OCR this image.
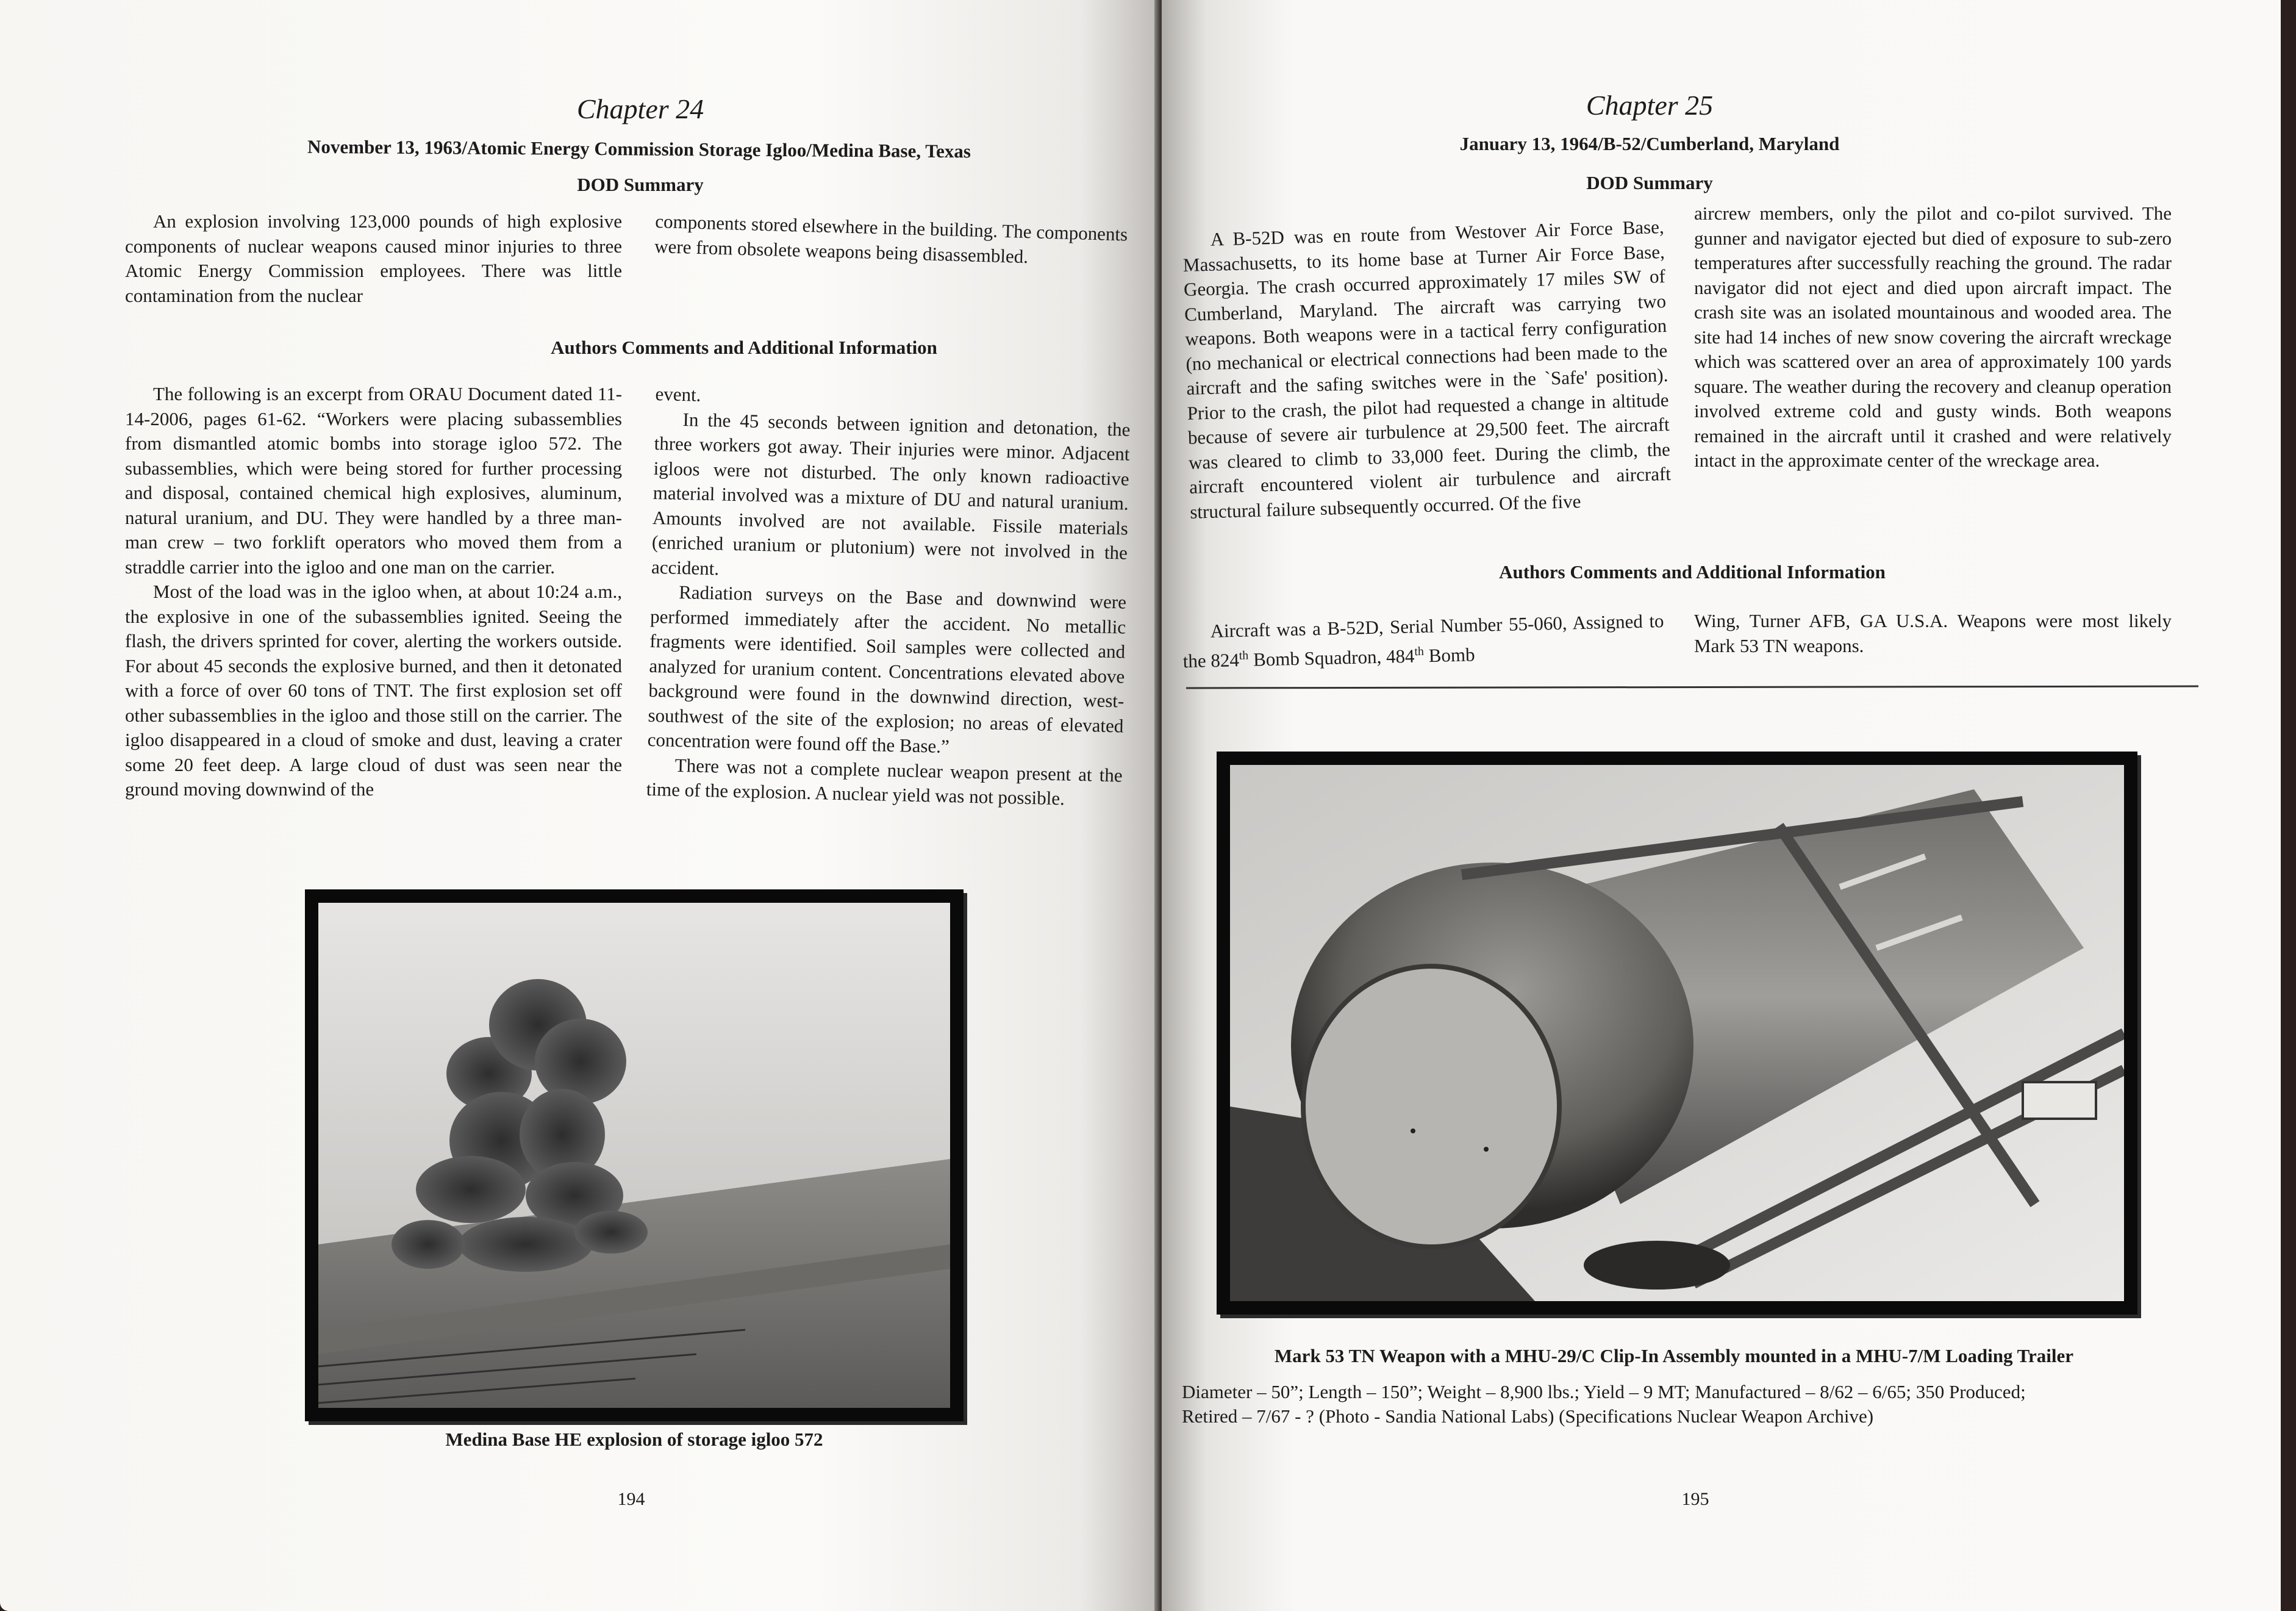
Chapter 24
November 13, 1963/Atomic Energy Commission Storage Igloo/Medina Base, Texas
DOD Summary
An explosion involving 123,000 pounds of high explosive components of nuclear weapons caused minor injuries to three Atomic Energy Commission employees. There was little contamination from the nuclear
components stored elsewhere in the building. The components were from obsolete weapons being disassembled.
Authors Comments and Additional Information

The following is an excerpt from ORAU Document dated 11-14-2006, pages 61-62. “Workers were placing subassemblies from dismantled atomic bombs into storage igloo 572. The subassemblies, which were being stored for further processing and disposal, contained chemical high explosives, aluminum, natural uranium, and DU. They were handled by a three man-man crew – two forklift operators who moved them from a straddle carrier into the igloo and one man on the carrier.

Most of the load was in the igloo when, at about 10:24 a.m., the explosive in one of the subassemblies ignited. Seeing the flash, the drivers sprinted for cover, alerting the workers outside. For about 45 seconds the explosive burned, and then it detonated with a force of over 60 tons of TNT. The first explosion set off other subassemblies in the igloo and those still on the carrier. The igloo disappeared in a cloud of smoke and dust, leaving a crater some 20 feet deep. A large cloud of dust was seen near the ground moving downwind of the

event.

In the 45 seconds between ignition and detonation, the three workers got away. Their injuries were minor. Adjacent igloos were not disturbed. The only known radioactive material involved was a mixture of DU and natural uranium. Amounts involved are not available. Fissile materials (enriched uranium or plutonium) were not involved in the accident.

Radiation surveys on the Base and downwind were performed immediately after the accident. No metallic fragments were identified. Soil samples were collected and analyzed for uranium content. Concentrations elevated above background were found in the downwind direction, west-southwest of the site of the explosion; no areas of elevated concentration were found off the Base.”

There was not a complete nuclear weapon present at the time of the explosion. A nuclear yield was not possible.

Medina Base HE explosion of storage igloo 572
194
Chapter 25
January 13, 1964/B-52/Cumberland, Maryland
DOD Summary
A B-52D was en route from Westover Air Force Base, Massachusetts, to its home base at Turner Air Force Base, Georgia. The crash occurred approximately 17 miles SW of Cumberland, Maryland. The aircraft was carrying two weapons. Both weapons were in a tactical ferry configuration (no mechanical or electrical connections had been made to the aircraft and the safing switches were in the `Safe' position). Prior to the crash, the pilot had requested a change in altitude because of severe air turbulence at 29,500 feet. The aircraft was cleared to climb to 33,000 feet. During the climb, the aircraft encountered violent air turbulence and aircraft structural failure subsequently occurred. Of the five
aircrew members, only the pilot and co-pilot survived. The gunner and navigator ejected but died of exposure to sub-zero temperatures after successfully reaching the ground. The radar navigator did not eject and died upon aircraft impact. The crash site was an isolated mountainous and wooded area. The site had 14 inches of new snow covering the aircraft wreckage which was scattered over an area of approximately 100 yards square. The weather during the recovery and cleanup operation involved extreme cold and gusty winds. Both weapons remained in the aircraft until it crashed and were relatively intact in the approximate center of the wreckage area.
Authors Comments and Additional Information
Aircraft was a B-52D, Serial Number 55-060, Assigned to the 824th Bomb Squadron, 484th Bomb
Wing, Turner AFB, GA U.S.A. Weapons were most likely Mark 53 TN weapons.
Mark 53 TN Weapon with a MHU-29/C Clip-In Assembly mounted in a MHU-7/M Loading Trailer
Diameter – 50”; Length – 150”; Weight – 8,900 lbs.; Yield – 9 MT; Manufactured – 8/62 – 6/65; 350 Produced;
Retired – 7/67 - ? (Photo - Sandia National Labs) (Specifications Nuclear Weapon Archive)
195
